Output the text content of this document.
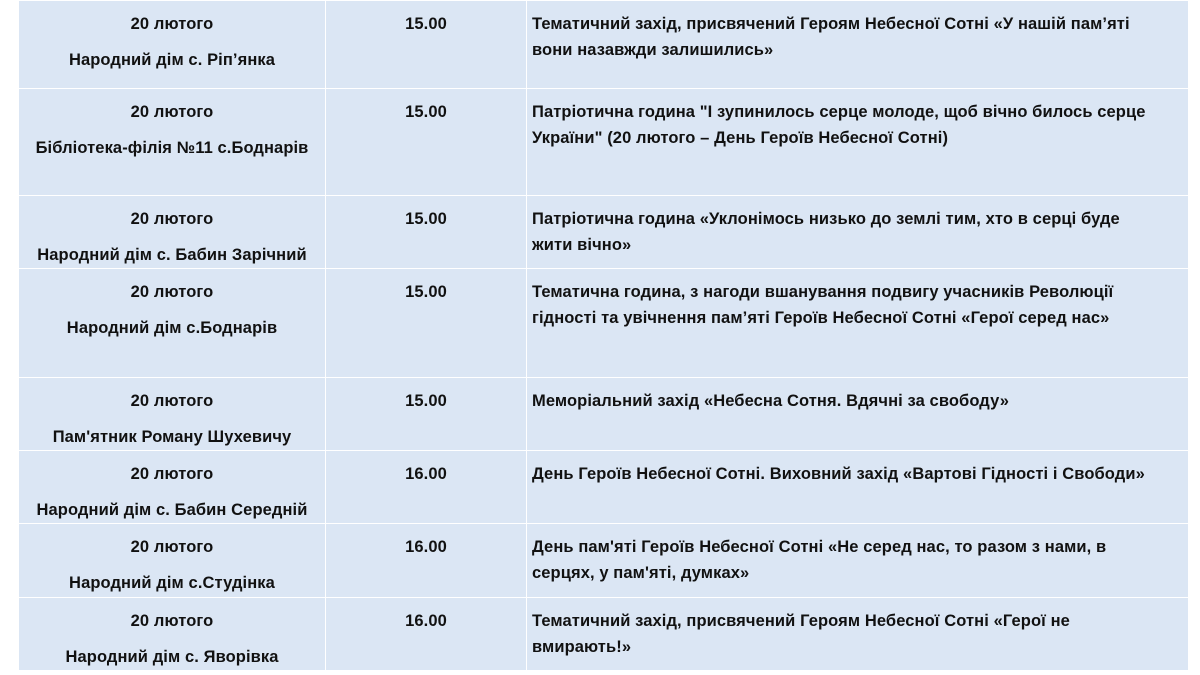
20 лютого
Народний дім с. Ріп’янка	15.00	Тематичний захід, присвячений Героям Небесної Сотні «У нашій пам’яті вони назавжди залишились»

20 лютого
Бібліотека-філія №11 с.Боднарів	15.00	Патріотична година "І зупинилось серце молоде, щоб вічно билось серце України" (20 лютого – День Героїв Небесної Сотні)

20 лютого
Народний дім с. Бабин Зарічний	15.00	Патріотична година «Уклонімось низько до землі тим, хто в серці буде жити вічно»

20 лютого
Народний дім с.Боднарів	15.00	Тематична година, з нагоди вшанування подвигу учасників Революції гідності та увічнення пам’яті Героїв Небесної Сотні «Герої серед нас»

20 лютого
Пам'ятник Роману Шухевичу	15.00	Меморіальний захід «Небесна Сотня. Вдячні за свободу»

20 лютого
Народний дім с. Бабин Середній	16.00	День Героїв Небесної Сотні. Виховний захід «Вартові Гідності і Свободи»

20 лютого
Народний дім с.Студінка	16.00	День пам'яті Героїв Небесної Сотні «Не серед нас, то разом з нами, в серцях, у пам'яті, думках»

20 лютого
Народний дім с. Яворівка	16.00	Тематичний захід, присвячений Героям Небесної Сотні «Герої не вмирають!»
